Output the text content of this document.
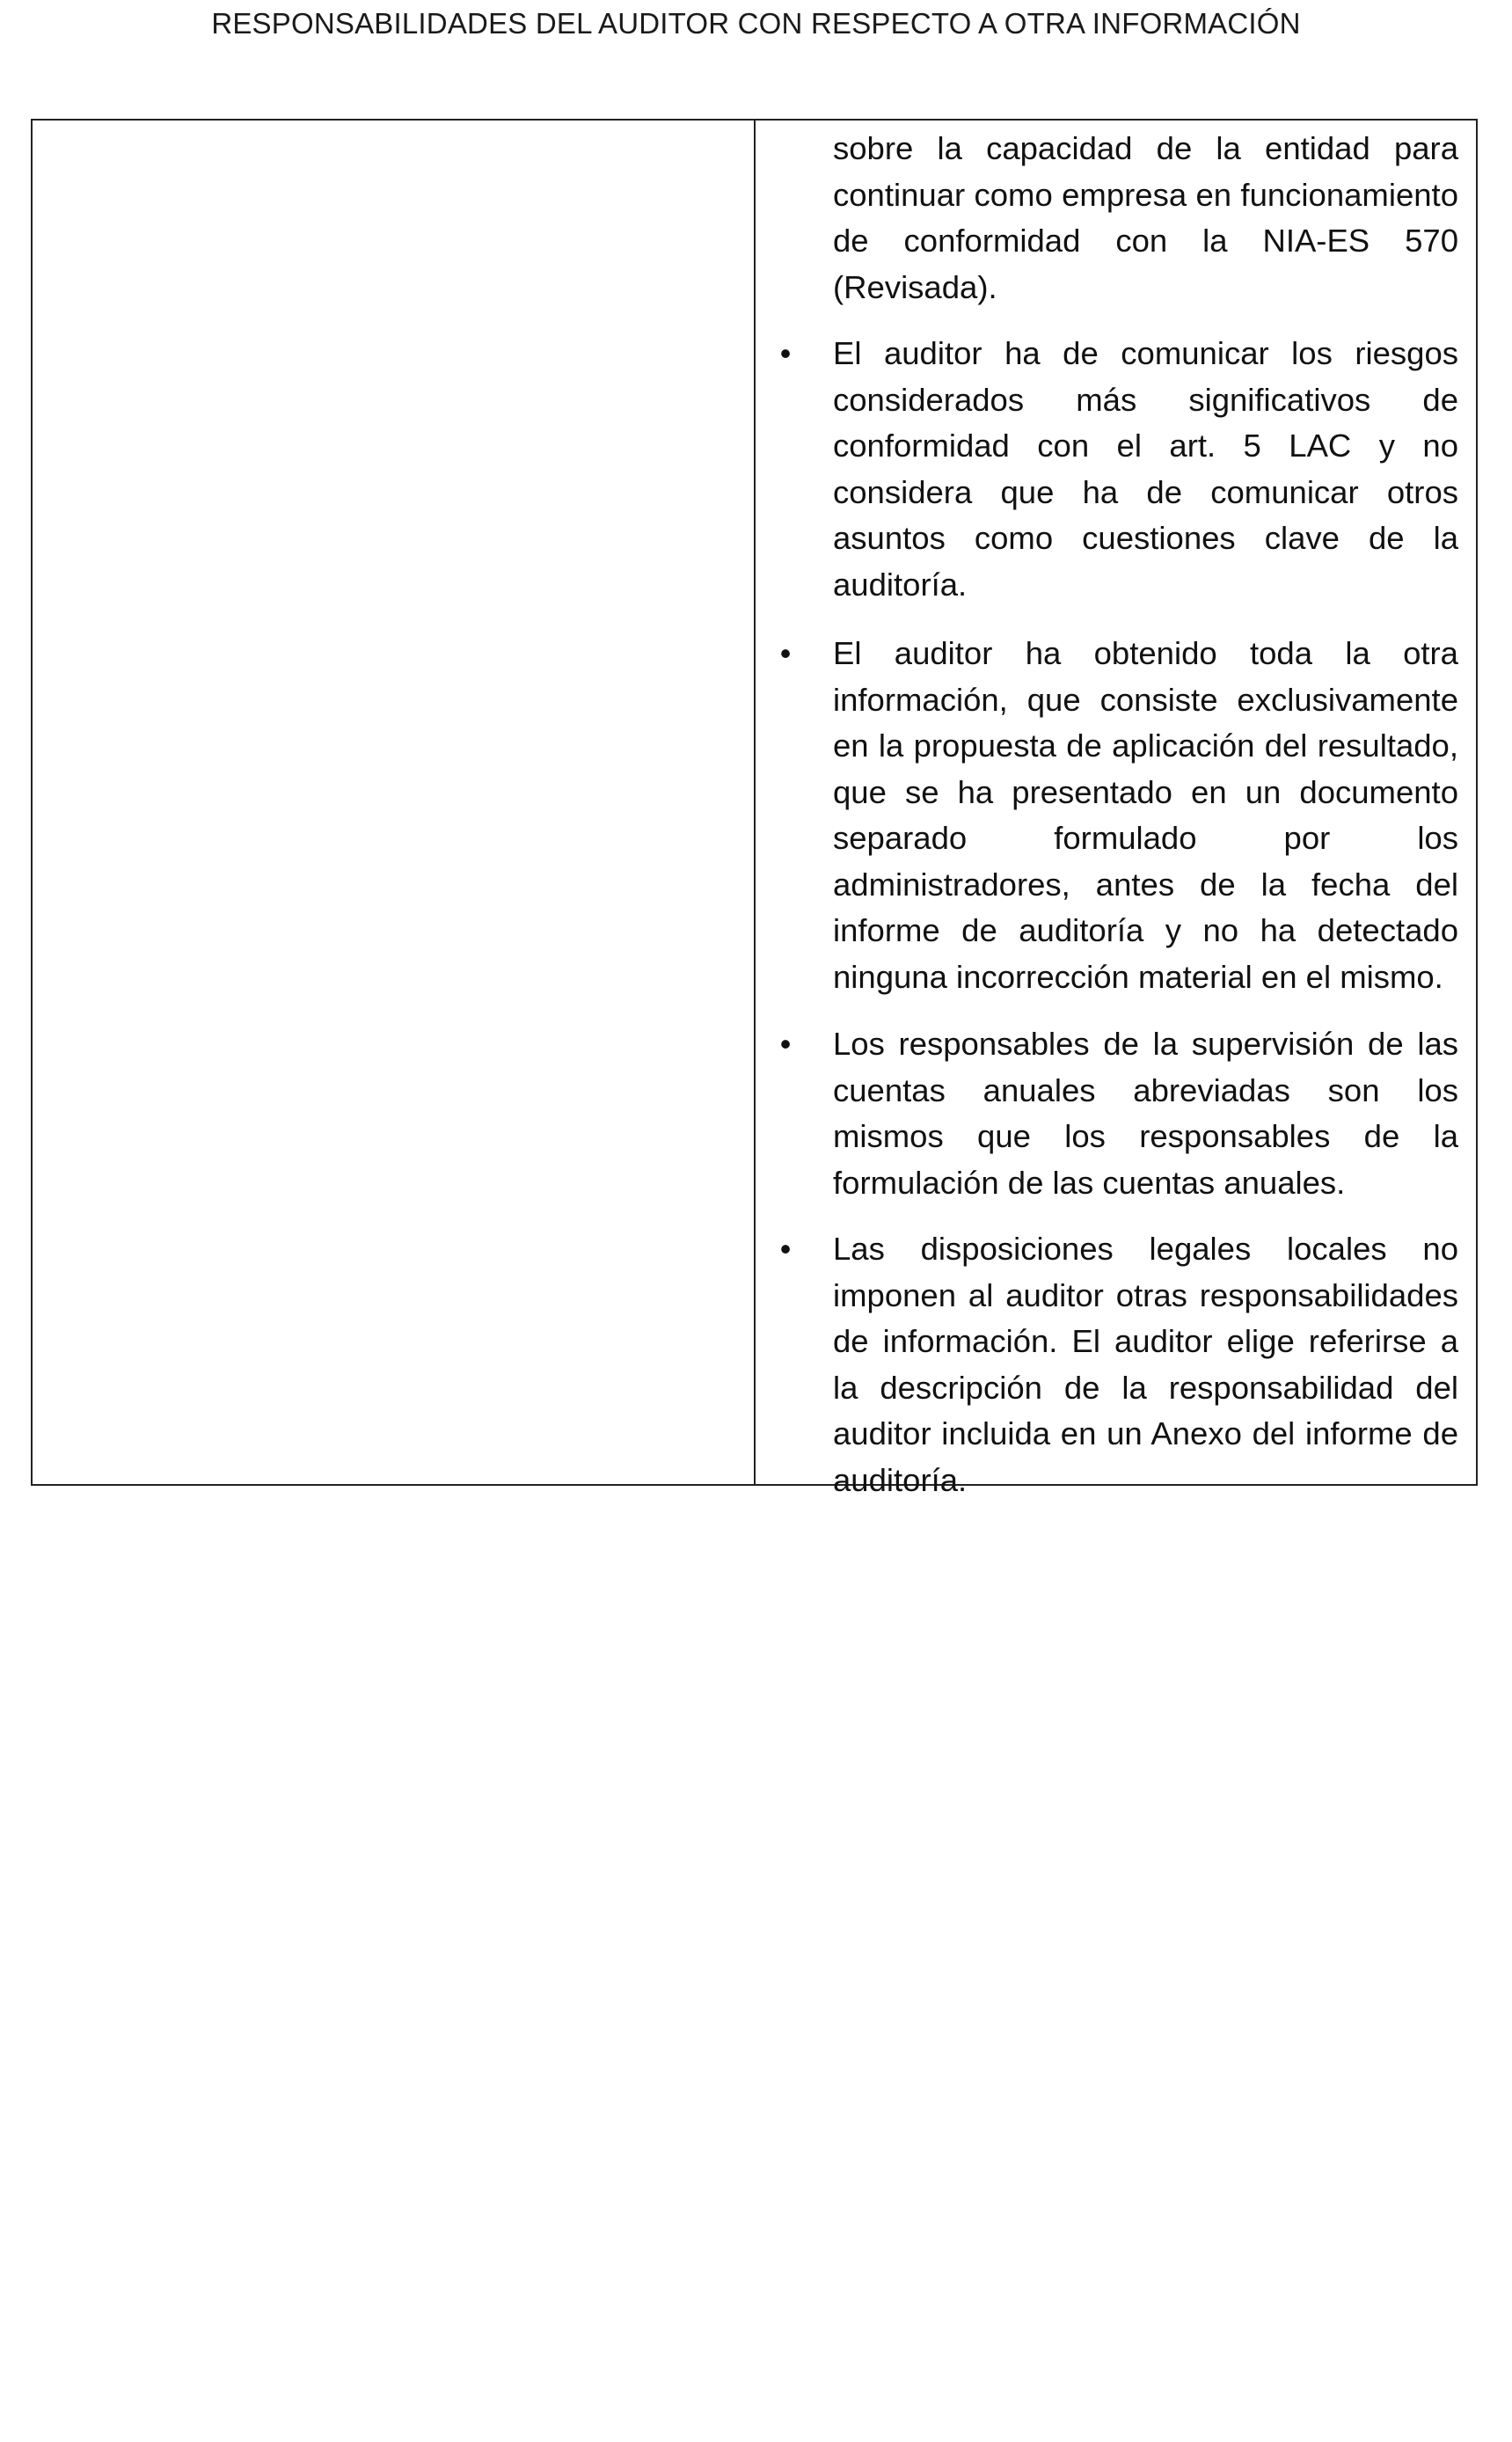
RESPONSABILIDADES DEL AUDITOR CON RESPECTO A OTRA INFORMACIÓN

sobre la capacidad de la entidad para continuar como empresa en funcionamiento de conformidad con la NIA-ES 570 (Revisada).

• El auditor ha de comunicar los riesgos considerados más significativos de conformidad con el art. 5 LAC y no considera que ha de comunicar otros asuntos como cuestiones clave de la auditoría.
• El auditor ha obtenido toda la otra información, que consiste exclusivamente en la propuesta de aplicación del resultado, que se ha presentado en un documento separado formulado por los administradores, antes de la fecha del informe de auditoría y no ha detectado ninguna incorrección material en el mismo.
• Los responsables de la supervisión de las cuentas anuales abreviadas son los mismos que los responsables de la formulación de las cuentas anuales.
• Las disposiciones legales locales no imponen al auditor otras responsabilidades de información. El auditor elige referirse a la descripción de la responsabilidad del auditor incluida en un Anexo del informe de auditoría.
